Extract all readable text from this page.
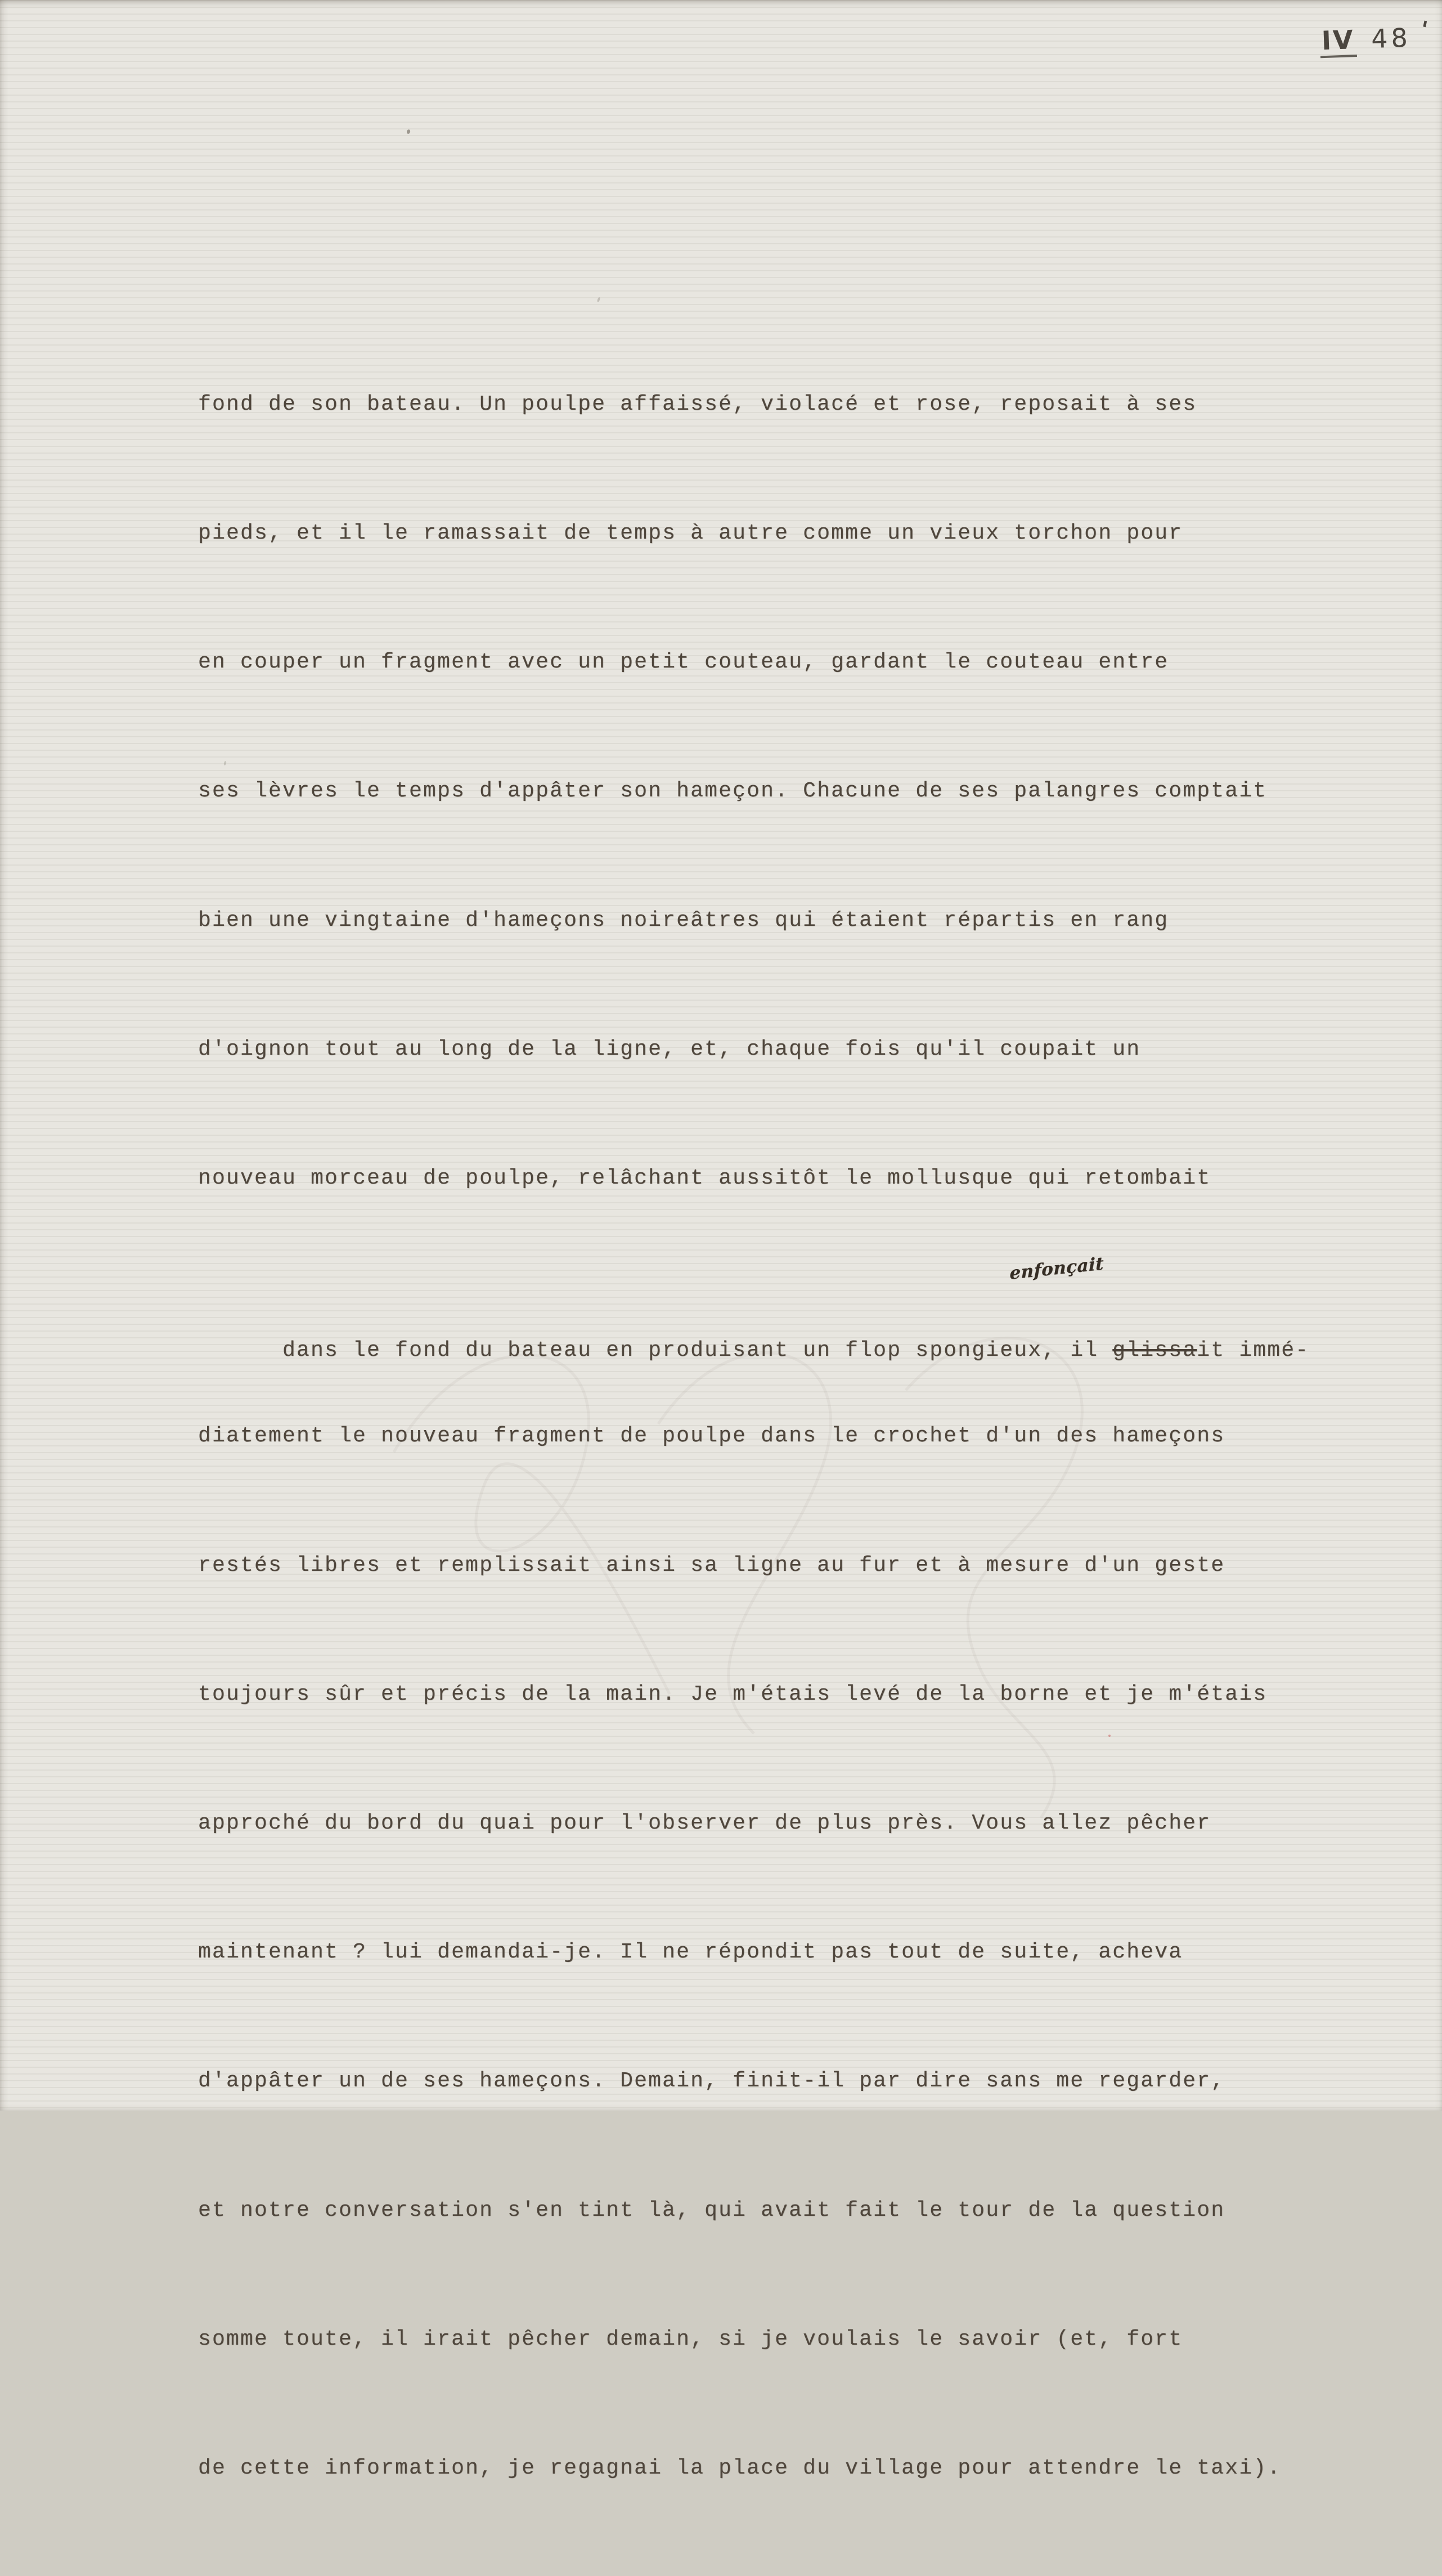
IV 48 '

fond de son bateau. Un poulpe affaissé, violacé et rose, reposait à ses

pieds, et il le ramassait de temps à autre comme un vieux torchon pour

en couper un fragment avec un petit couteau, gardant le couteau entre

ses lèvres le temps d'appâter son hameçon. Chacune de ses palangres comptait

bien une vingtaine d'hameçons noireâtres qui étaient répartis en rang

d'oignon tout au long de la ligne, et, chaque fois qu'il coupait un

nouveau morceau de poulpe, relâchant aussitôt le mollusque qui retombait

dans le fond du bateau en produisant un flop spongieux, il glissait immé-

enfonçait

diatement le nouveau fragment de poulpe dans le crochet d'un des hameçons

restés libres et remplissait ainsi sa ligne au fur et à mesure d'un geste

toujours sûr et précis de la main. Je m'étais levé de la borne et je m'étais

approché du bord du quai pour l'observer de plus près. Vous allez pêcher

maintenant ? lui demandai-je. Il ne répondit pas tout de suite, acheva

d'appâter un de ses hameçons. Demain, finit-il par dire sans me regarder,

et notre conversation s'en tint là, qui avait fait le tour de la question

somme toute, il irait pêcher demain, si je voulais le savoir (et, fort

de cette information, je regagnai la place du village pour attendre le taxi).
